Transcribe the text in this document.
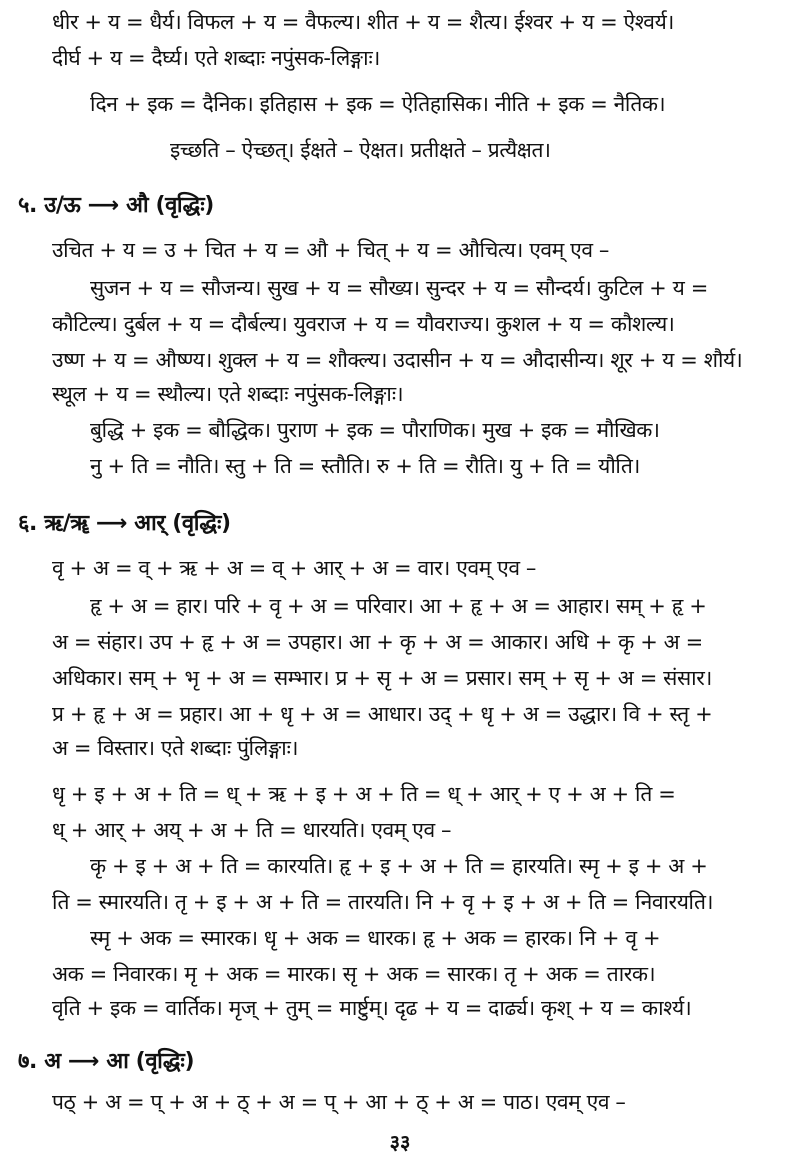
धीर + य = धैर्य। विफल + य = वैफल्य। शीत + य = शैत्य। ईश्वर + य = ऐश्वर्य।
दीर्घ + य = दैर्घ्य। एते शब्दाः नपुंसक-लिङ्गाः।
दिन + इक = दैनिक। इतिहास + इक = ऐतिहासिक। नीति + इक = नैतिक।
इच्छति – ऐच्छत्। ईक्षते – ऐक्षत। प्रतीक्षते – प्रत्यैक्षत।
५. उ/ऊ ⟶ औ (वृद्धिः)
उचित + य = उ + चित + य = औ + चित् + य = औचित्य। एवम् एव –
सुजन + य = सौजन्य। सुख + य = सौख्य। सुन्दर + य = सौन्दर्य। कुटिल + य =
कौटिल्य। दुर्बल + य = दौर्बल्य। युवराज + य = यौवराज्य। कुशल + य = कौशल्य।
उष्ण + य = औष्ण्य। शुक्ल + य = शौक्ल्य। उदासीन + य = औदासीन्य। शूर + य = शौर्य।
स्थूल + य = स्थौल्य। एते शब्दाः नपुंसक-लिङ्गाः।
बुद्धि + इक = बौद्धिक। पुराण + इक = पौराणिक। मुख + इक = मौखिक।
नु + ति = नौति। स्तु + ति = स्तौति। रु + ति = रौति। यु + ति = यौति।
६. ऋ/ॠ ⟶ आर् (वृद्धिः)
वृ + अ = व् + ऋ + अ = व् + आर् + अ = वार। एवम् एव –
हृ + अ = हार। परि + वृ + अ = परिवार। आ + हृ + अ = आहार। सम् + हृ +
अ = संहार। उप + हृ + अ = उपहार। आ + कृ + अ = आकार। अधि + कृ + अ =
अधिकार। सम् + भृ + अ = सम्भार। प्र + सृ + अ = प्रसार। सम् + सृ + अ = संसार।
प्र + हृ + अ = प्रहार। आ + धृ + अ = आधार। उद् + धृ + अ = उद्धार। वि + स्तृ +
अ = विस्तार। एते शब्दाः पुंलिङ्गाः।
धृ + इ + अ + ति = ध् + ऋ + इ + अ + ति = ध् + आर् + ए + अ + ति =
ध् + आर् + अय् + अ + ति = धारयति। एवम् एव –
कृ + इ + अ + ति = कारयति। हृ + इ + अ + ति = हारयति। स्मृ + इ + अ +
ति = स्मारयति। तृ + इ + अ + ति = तारयति। नि + वृ + इ + अ + ति = निवारयति।
स्मृ + अक = स्मारक। धृ + अक = धारक। हृ + अक = हारक। नि + वृ +
अक = निवारक। मृ + अक = मारक। सृ + अक = सारक। तृ + अक = तारक।
वृति + इक = वार्तिक। मृज् + तुम् = मार्ष्टुम्। दृढ + य = दार्ढ्य। कृश् + य = कार्श्य।
७. अ ⟶ आ (वृद्धिः)
पठ् + अ = प् + अ + ठ् + अ = प् + आ + ठ् + अ = पाठ। एवम् एव –
३३
